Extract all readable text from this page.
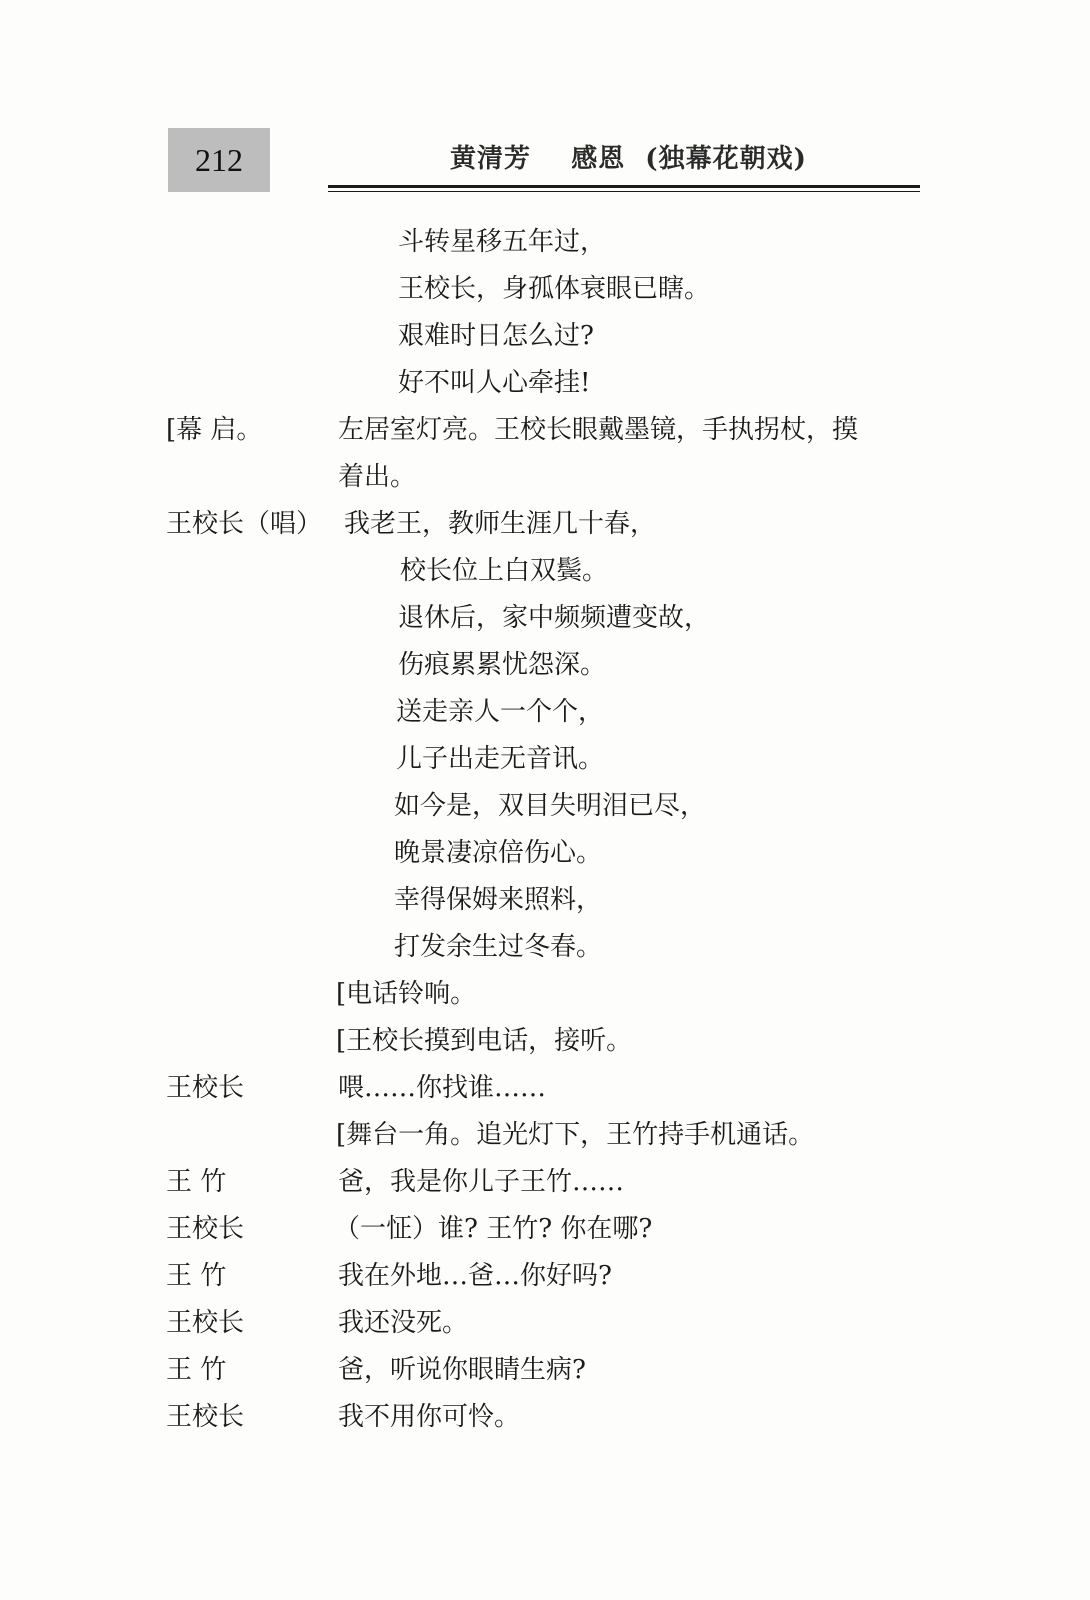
212	黄清芳    感恩  (独幕花朝戏)
斗转星移五年过，
王校长，身孤体衰眼已瞎。
艰难时日怎么过?
好不叫人心牵挂!
[幕 启。	左居室灯亮。王校长眼戴墨镜，手执拐杖，摸
着出。
王校长（唱） 我老王，教师生涯几十春，
校长位上白双鬓。
退休后，家中频频遭变故，
伤痕累累忧怨深。
送走亲人一个个，
儿子出走无音讯。
如今是，双目失明泪已尽，
晚景凄凉倍伤心。
幸得保姆来照料，
打发余生过冬春。
[电话铃响。
[王校长摸到电话，接听。
王校长	喂……你找谁……
[舞台一角。追光灯下，王竹持手机通话。
王 竹	爸，我是你儿子王竹……
王校长	（一怔）谁? 王竹? 你在哪?
王 竹	我在外地…爸…你好吗?
王校长	我还没死。
王 竹	爸，听说你眼睛生病?
王校长	我不用你可怜。
